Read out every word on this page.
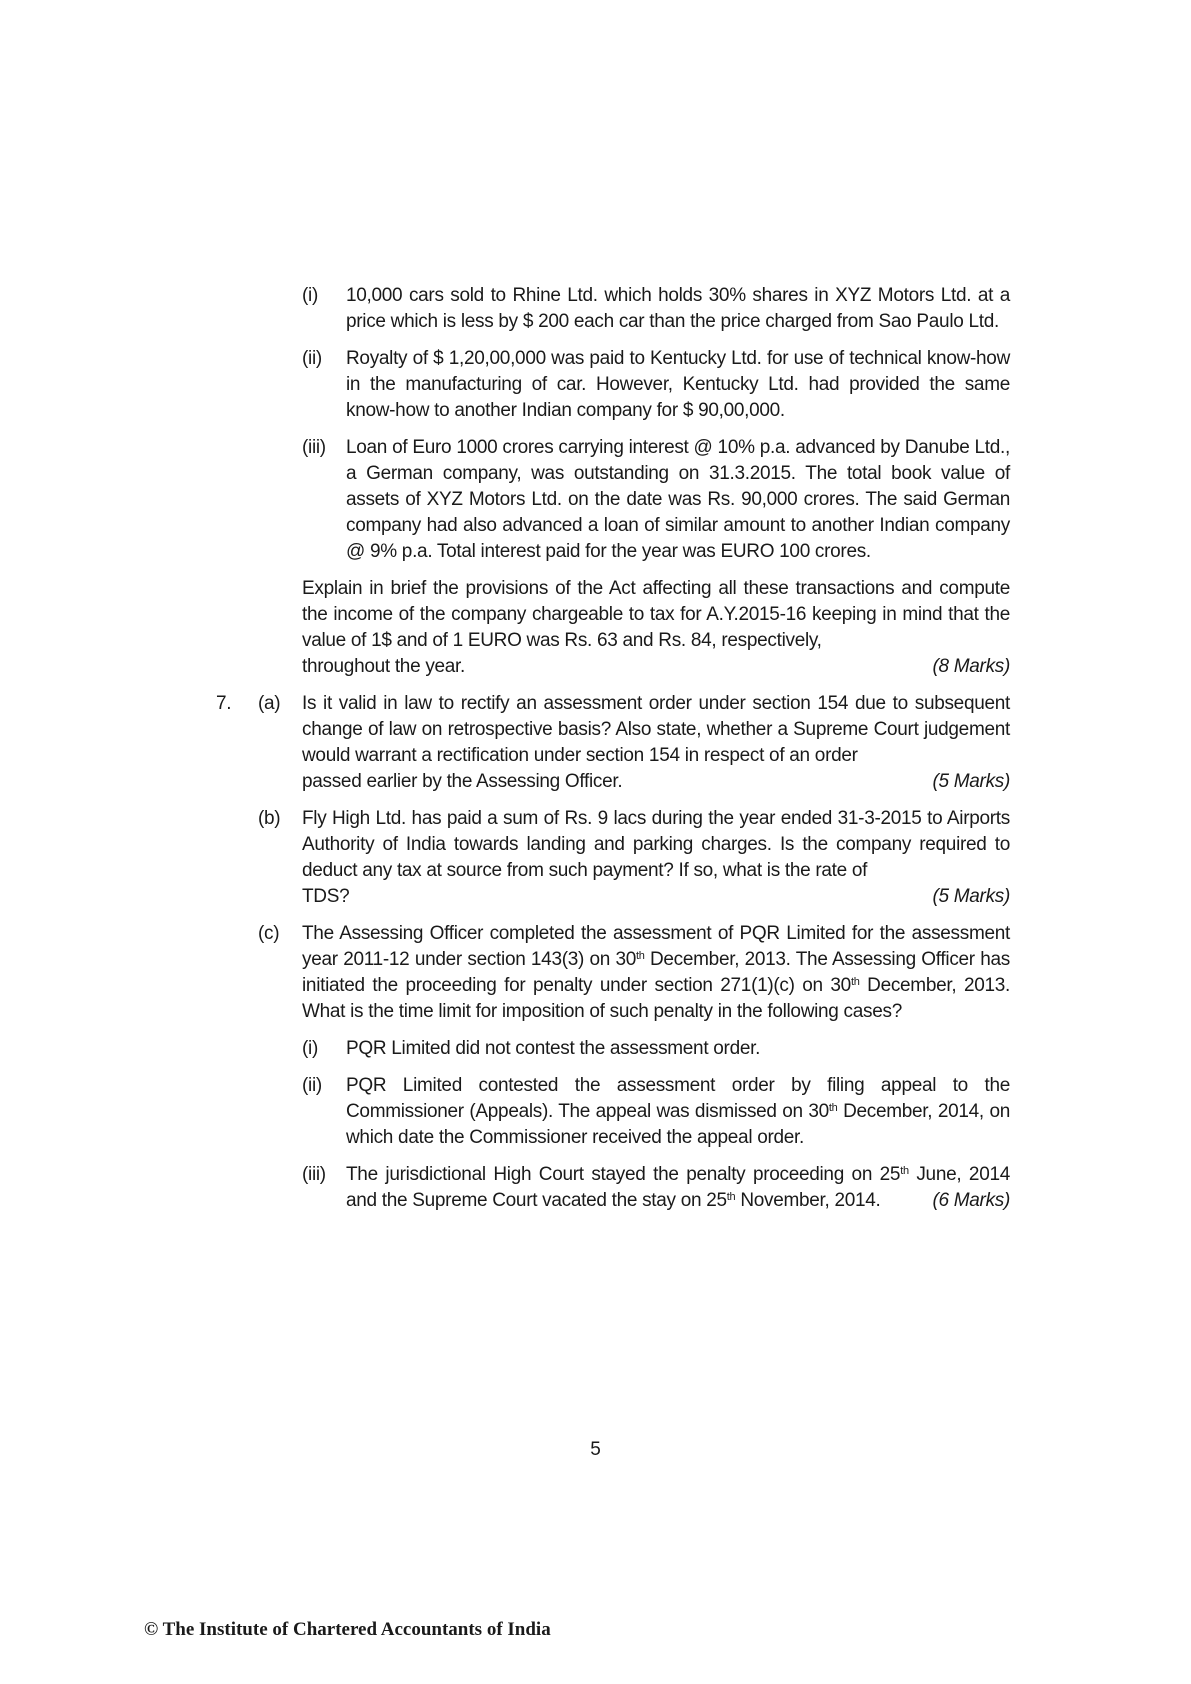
(i)	10,000 cars sold to Rhine Ltd. which holds 30% shares in XYZ Motors Ltd. at a price which is less by $ 200 each car than the price charged from Sao Paulo Ltd.
(ii)	Royalty of $ 1,20,00,000 was paid to Kentucky Ltd. for use of technical know-how in the manufacturing of car. However, Kentucky Ltd. had provided the same know-how to another Indian company for $ 90,00,000.
(iii)	Loan of Euro 1000 crores carrying interest @ 10% p.a. advanced by Danube Ltd., a German company, was outstanding on 31.3.2015. The total book value of assets of XYZ Motors Ltd. on the date was Rs. 90,000 crores. The said German company had also advanced a loan of similar amount to another Indian company @ 9% p.a. Total interest paid for the year was EURO 100 crores.
Explain in brief the provisions of the Act affecting all these transactions and compute the income of the company chargeable to tax for A.Y.2015-16 keeping in mind that the value of 1$ and of 1 EURO was Rs. 63 and Rs. 84, respectively,
throughout the year.	(8 Marks)
7. (a) Is it valid in law to rectify an assessment order under section 154 due to subsequent change of law on retrospective basis? Also state, whether a Supreme Court judgement would warrant a rectification under section 154 in respect of an order
passed earlier by the Assessing Officer.	(5 Marks)
(b) Fly High Ltd. has paid a sum of Rs. 9 lacs during the year ended 31-3-2015 to Airports Authority of India towards landing and parking charges. Is the company required to deduct any tax at source from such payment? If so, what is the rate of
TDS?	(5 Marks)
(c) The Assessing Officer completed the assessment of PQR Limited for the assessment year 2011-12 under section 143(3) on 30th December, 2013. The Assessing Officer has initiated the proceeding for penalty under section 271(1)(c) on 30th December, 2013. What is the time limit for imposition of such penalty in the following cases?
(i)	PQR Limited did not contest the assessment order.
(ii)	PQR Limited contested the assessment order by filing appeal to the Commissioner (Appeals). The appeal was dismissed on 30th December, 2014, on which date the Commissioner received the appeal order.
(iii)	The jurisdictional High Court stayed the penalty proceeding on 25th June, 2014
and the Supreme Court vacated the stay on 25th November, 2014.	(6 Marks)
5
© The Institute of Chartered Accountants of India
